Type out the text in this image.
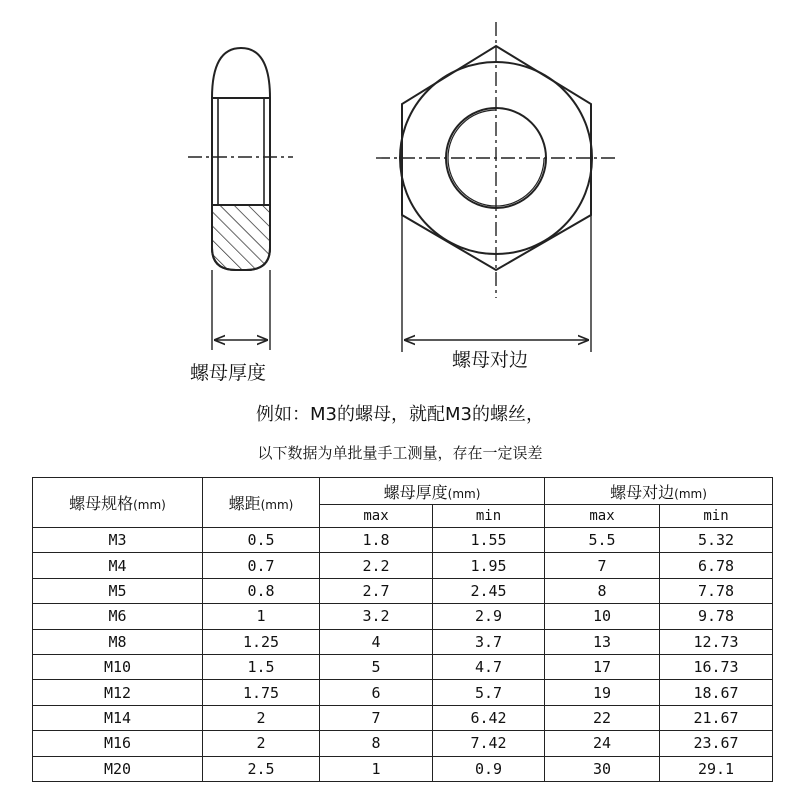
螺母厚度
螺母对边
例如：M3的螺母，就配M3的螺丝，
以下数据为单批量手工测量，存在一定误差
螺母规格(mm)	螺距(mm)	螺母厚度(mm)		螺母对边(mm)	
		max	min	max	min
M3	0.5	1.8	1.55	5.5	5.32
M4	0.7	2.2	1.95	7	6.78
M5	0.8	2.7	2.45	8	7.78
M6	1	3.2	2.9	10	9.78
M8	1.25	4	3.7	13	12.73
M10	1.5	5	4.7	17	16.73
M12	1.75	6	5.7	19	18.67
M14	2	7	6.42	22	21.67
M16	2	8	7.42	24	23.67
M20	2.5	1	0.9	30	29.1
